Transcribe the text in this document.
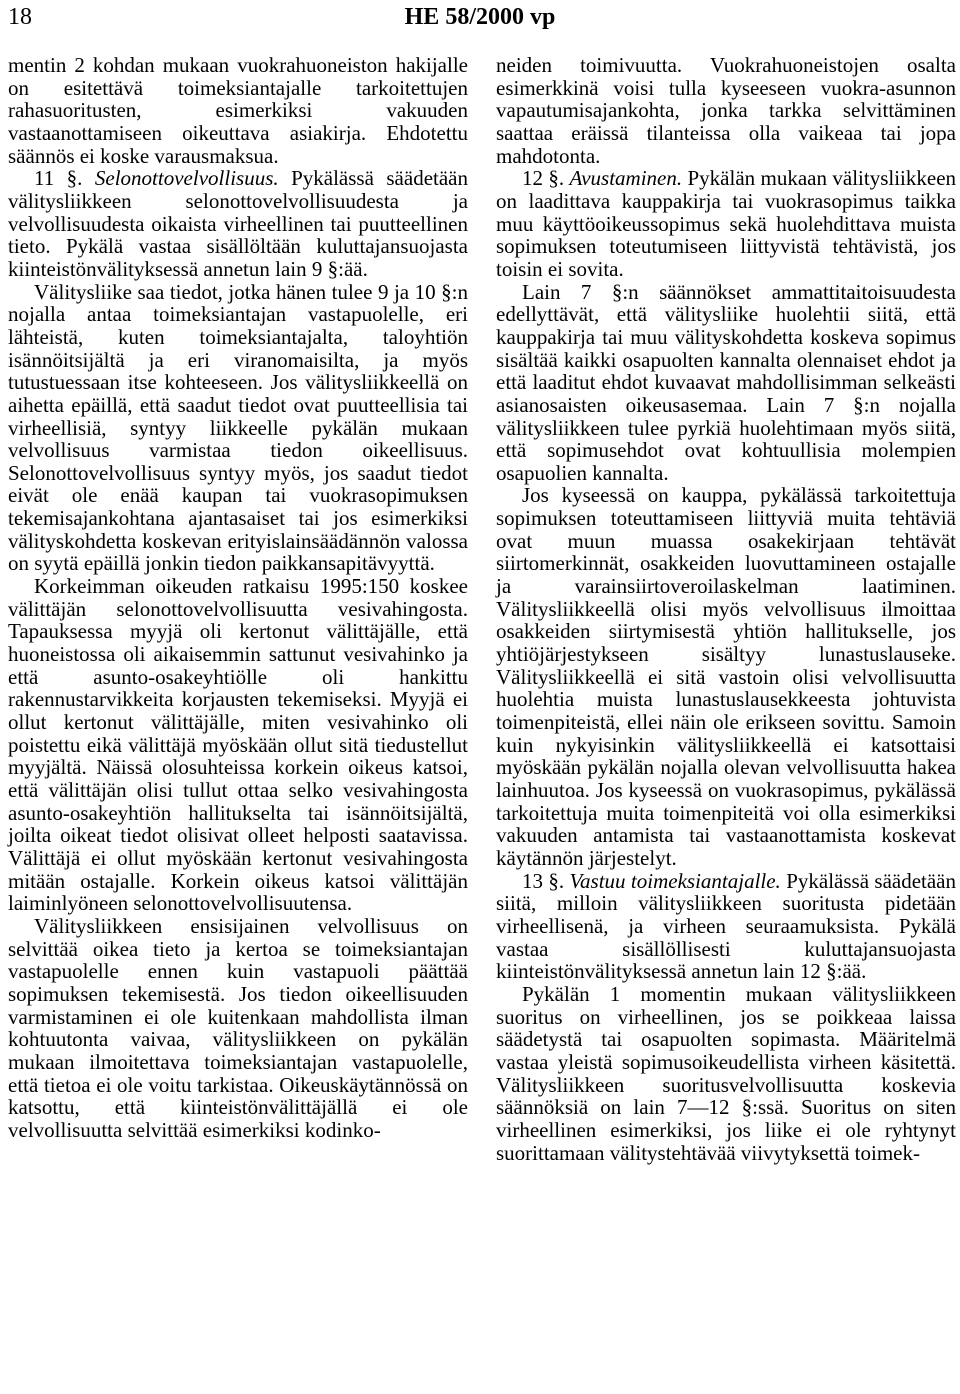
18	HE 58/2000 vp

mentin 2 kohdan mukaan vuokrahuoneiston hakijalle on esitettävä toimeksiantajalle tarkoitettujen rahasuoritusten, esimerkiksi vakuuden vastaanottamiseen oikeuttava asiakirja. Ehdotettu säännös ei koske varausmaksua.

11 §. Selonottovelvollisuus. Pykälässä säädetään välitysliikkeen selonottovelvollisuudesta ja velvollisuudesta oikaista virheellinen tai puutteellinen tieto. Pykälä vastaa sisällöltään kuluttajansuojasta kiinteistönvälityksessä annetun lain 9 §:ää.

Välitysliike saa tiedot, jotka hänen tulee 9 ja 10 §:n nojalla antaa toimeksiantajan vastapuolelle, eri lähteistä, kuten toimeksiantajalta, taloyhtiön isännöitsijältä ja eri viranomaisilta, ja myös tutustuessaan itse kohteeseen. Jos välitysliikkeellä on aihetta epäillä, että saadut tiedot ovat puutteellisia tai virheellisiä, syntyy liikkeelle pykälän mukaan velvollisuus varmistaa tiedon oikeellisuus. Selonottovelvollisuus syntyy myös, jos saadut tiedot eivät ole enää kaupan tai vuokrasopimuksen tekemisajankohtana ajantasaiset tai jos esimerkiksi välityskohdetta koskevan erityislainsäädännön valossa on syytä epäillä jonkin tiedon paikkansapitävyyttä.

Korkeimman oikeuden ratkaisu 1995:150 koskee välittäjän selonottovelvollisuutta vesivahingosta. Tapauksessa myyjä oli kertonut välittäjälle, että huoneistossa oli aikaisemmin sattunut vesivahinko ja että asunto-osakeyhtiölle oli hankittu rakennustarvikkeita korjausten tekemiseksi. Myyjä ei ollut kertonut välittäjälle, miten vesivahinko oli poistettu eikä välittäjä myöskään ollut sitä tiedustellut myyjältä. Näissä olosuhteissa korkein oikeus katsoi, että välittäjän olisi tullut ottaa selko vesivahingosta asunto-osakeyhtiön hallitukselta tai isännöitsijältä, joilta oikeat tiedot olisivat olleet helposti saatavissa. Välittäjä ei ollut myöskään kertonut vesivahingosta mitään ostajalle. Korkein oikeus katsoi välittäjän laiminlyöneen selonottovelvollisuutensa.

Välitysliikkeen ensisijainen velvollisuus on selvittää oikea tieto ja kertoa se toimeksiantajan vastapuolelle ennen kuin vastapuoli päättää sopimuksen tekemisestä. Jos tiedon oikeellisuuden varmistaminen ei ole kuitenkaan mahdollista ilman kohtuutonta vaivaa, välitysliikkeen on pykälän mukaan ilmoitettava toimeksiantajan vastapuolelle, että tietoa ei ole voitu tarkistaa. Oikeuskäytännössä on katsottu, että kiinteistönvälittäjällä ei ole velvollisuutta selvittää esimerkiksi kodinko-

neiden toimivuutta. Vuokrahuoneistojen osalta esimerkkinä voisi tulla kyseeseen vuokra-asunnon vapautumisajankohta, jonka tarkka selvittäminen saattaa eräissä tilanteissa olla vaikeaa tai jopa mahdotonta.

12 §. Avustaminen. Pykälän mukaan välitysliikkeen on laadittava kauppakirja tai vuokrasopimus taikka muu käyttöoikeussopimus sekä huolehdittava muista sopimuksen toteutumiseen liittyvistä tehtävistä, jos toisin ei sovita.

Lain 7 §:n säännökset ammattitaitoisuudesta edellyttävät, että välitysliike huolehtii siitä, että kauppakirja tai muu välityskohdetta koskeva sopimus sisältää kaikki osapuolten kannalta olennaiset ehdot ja että laaditut ehdot kuvaavat mahdollisimman selkeästi asianosaisten oikeusasemaa. Lain 7 §:n nojalla välitysliikkeen tulee pyrkiä huolehtimaan myös siitä, että sopimusehdot ovat kohtuullisia molempien osapuolien kannalta.

Jos kyseessä on kauppa, pykälässä tarkoitettuja sopimuksen toteuttamiseen liittyviä muita tehtäviä ovat muun muassa osakekirjaan tehtävät siirtomerkinnät, osakkeiden luovuttamineen ostajalle ja varainsiirtoveroilaskelman laatiminen. Välitysliikkeellä olisi myös velvollisuus ilmoittaa osakkeiden siirtymisestä yhtiön hallitukselle, jos yhtiöjärjestykseen sisältyy lunastuslauseke. Välitysliikkeellä ei sitä vastoin olisi velvollisuutta huolehtia muista lunastuslausekkeesta johtuvista toimenpiteistä, ellei näin ole erikseen sovittu. Samoin kuin nykyisinkin välitysliikkeellä ei katsottaisi myöskään pykälän nojalla olevan velvollisuutta hakea lainhuutoa. Jos kyseessä on vuokrasopimus, pykälässä tarkoitettuja muita toimenpiteitä voi olla esimerkiksi vakuuden antamista tai vastaanottamista koskevat käytännön järjestelyt.

13 §. Vastuu toimeksiantajalle. Pykälässä säädetään siitä, milloin välitysliikkeen suoritusta pidetään virheellisenä, ja virheen seuraamuksista. Pykälä vastaa sisällöllisesti kuluttajansuojasta kiinteistönvälityksessä annetun lain 12 §:ää.

Pykälän 1 momentin mukaan välitysliikkeen suoritus on virheellinen, jos se poikkeaa laissa säädetystä tai osapuolten sopimasta. Määritelmä vastaa yleistä sopimusoikeudellista virheen käsitettä. Välitysliikkeen suoritusvelvollisuutta koskevia säännöksiä on lain 7—12 §:ssä. Suoritus on siten virheellinen esimerkiksi, jos liike ei ole ryhtynyt suorittamaan välitystehtävää viivytyksettä toimek-
